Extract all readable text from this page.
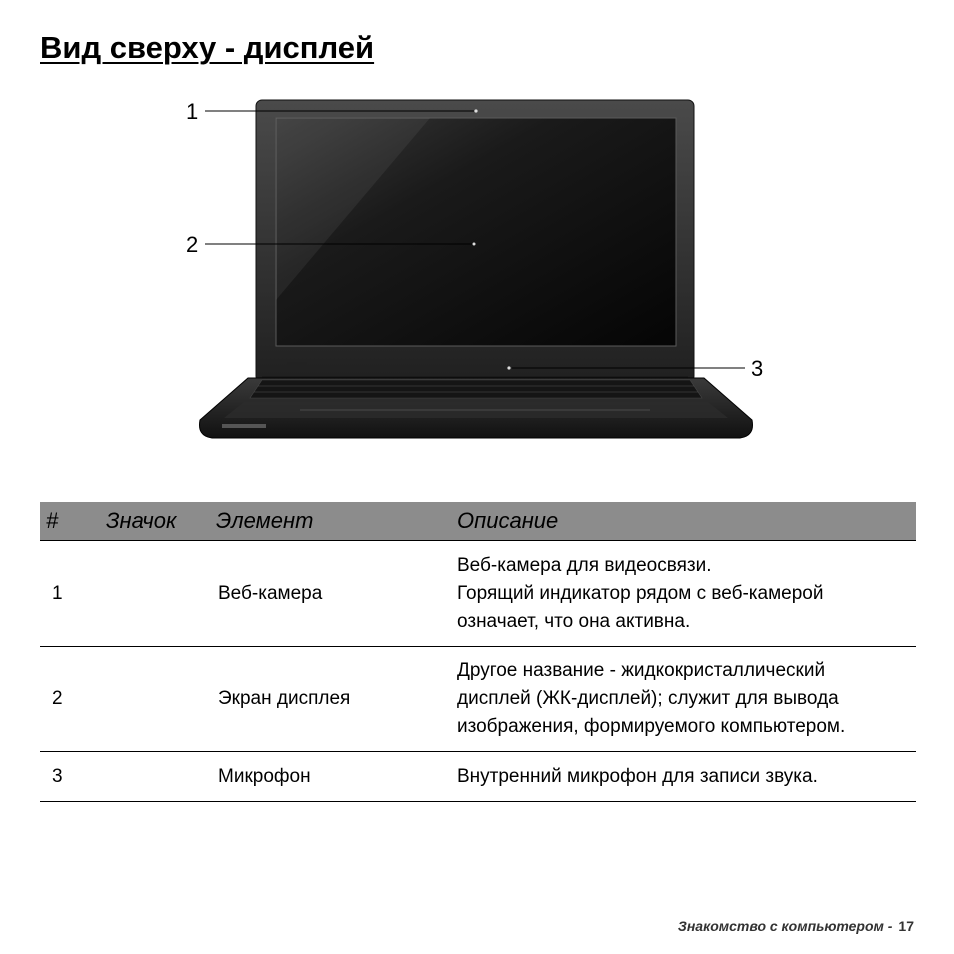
Вид сверху - дисплей
1
2
3
#	Значок	Элемент	Описание
1		Веб-камера	Веб-камера для видеосвязи.
Горящий индикатор рядом с веб-камерой
означает, что она активна.

2		Экран дисплея	Другое название - жидкокристаллический
дисплей (ЖК-дисплей); служит для вывода
изображения, формируемого компьютером.

3		Микрофон	Внутренний микрофон для записи звука.
Знакомство с компьютером - 17
